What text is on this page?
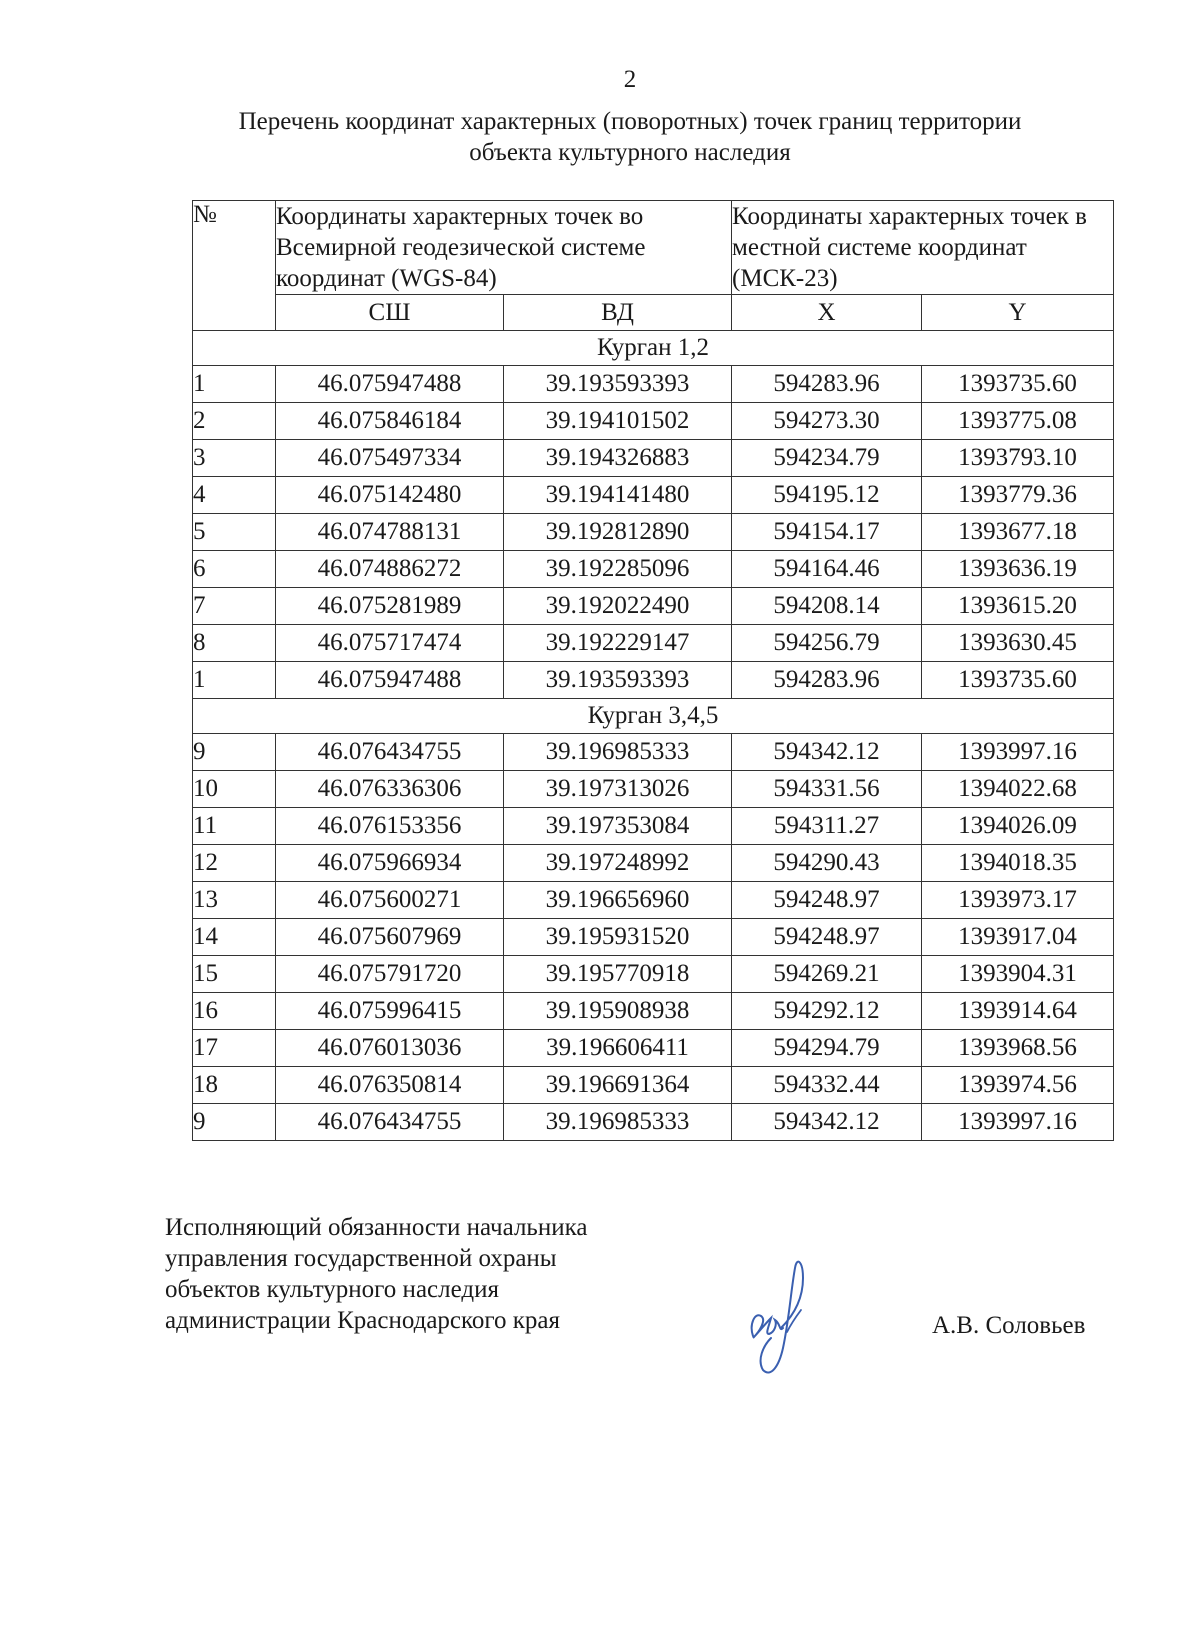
2
Перечень координат характерных (поворотных) точек границ территории
объекта культурного наследия
№	Координаты характерных точек во Всемирной геодезической системе координат (WGS-84)		Координаты характерных точек в местной системе координат (МСК-23)	
	СШ	ВД	X	Y
Курган 1,2				
1	46.075947488	39.193593393	594283.96	1393735.60
2	46.075846184	39.194101502	594273.30	1393775.08
3	46.075497334	39.194326883	594234.79	1393793.10
4	46.075142480	39.194141480	594195.12	1393779.36
5	46.074788131	39.192812890	594154.17	1393677.18
6	46.074886272	39.192285096	594164.46	1393636.19
7	46.075281989	39.192022490	594208.14	1393615.20
8	46.075717474	39.192229147	594256.79	1393630.45
1	46.075947488	39.193593393	594283.96	1393735.60
Курган 3,4,5				
9	46.076434755	39.196985333	594342.12	1393997.16
10	46.076336306	39.197313026	594331.56	1394022.68
11	46.076153356	39.197353084	594311.27	1394026.09
12	46.075966934	39.197248992	594290.43	1394018.35
13	46.075600271	39.196656960	594248.97	1393973.17
14	46.075607969	39.195931520	594248.97	1393917.04
15	46.075791720	39.195770918	594269.21	1393904.31
16	46.075996415	39.195908938	594292.12	1393914.64
17	46.076013036	39.196606411	594294.79	1393968.56
18	46.076350814	39.196691364	594332.44	1393974.56
9	46.076434755	39.196985333	594342.12	1393997.16
Исполняющий обязанности начальника
управления государственной охраны
объектов культурного наследия
администрации Краснодарского края	А.В. Соловьев
